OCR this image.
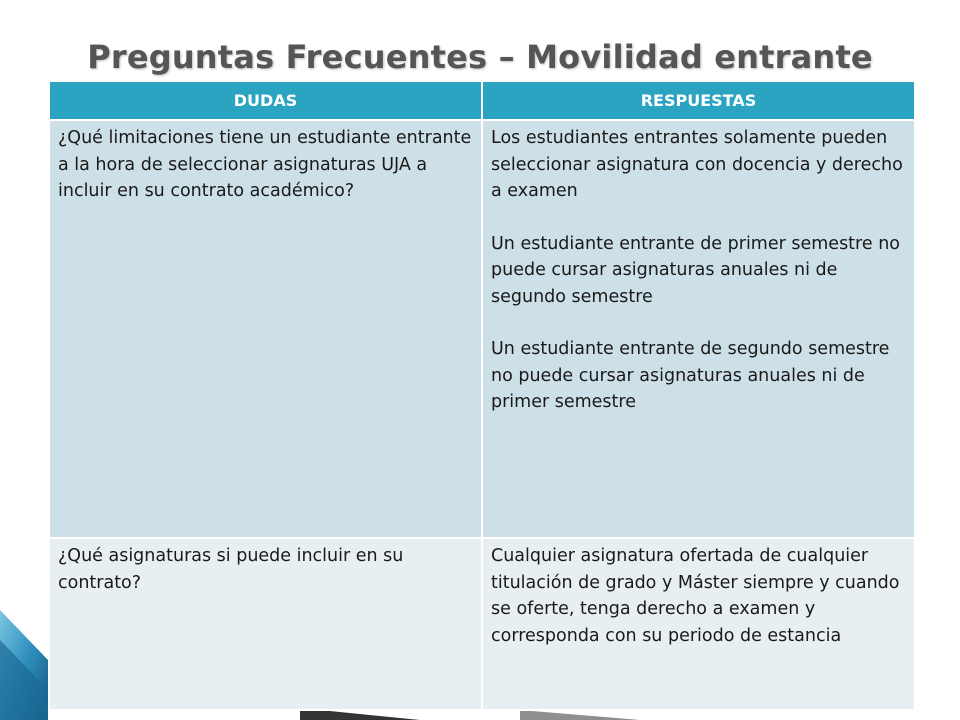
Preguntas Frecuentes – Movilidad entrante
DUDAS	RESPUESTAS
¿Qué limitaciones tiene un estudiante entrante a la hora de seleccionar asignaturas UJA a incluir en su contrato académico?	Los estudiantes entrantes solamente pueden seleccionar asignatura con docencia y derecho a examen

Un estudiante entrante de primer semestre no puede cursar asignaturas anuales ni de segundo semestre

Un estudiante entrante de segundo semestre no puede cursar asignaturas anuales ni de primer semestre

¿Qué asignaturas si puede incluir en su contrato?	Cualquier asignatura ofertada de cualquier titulación de grado y Máster siempre y cuando se oferte, tenga derecho a examen y corresponda con su periodo de estancia
